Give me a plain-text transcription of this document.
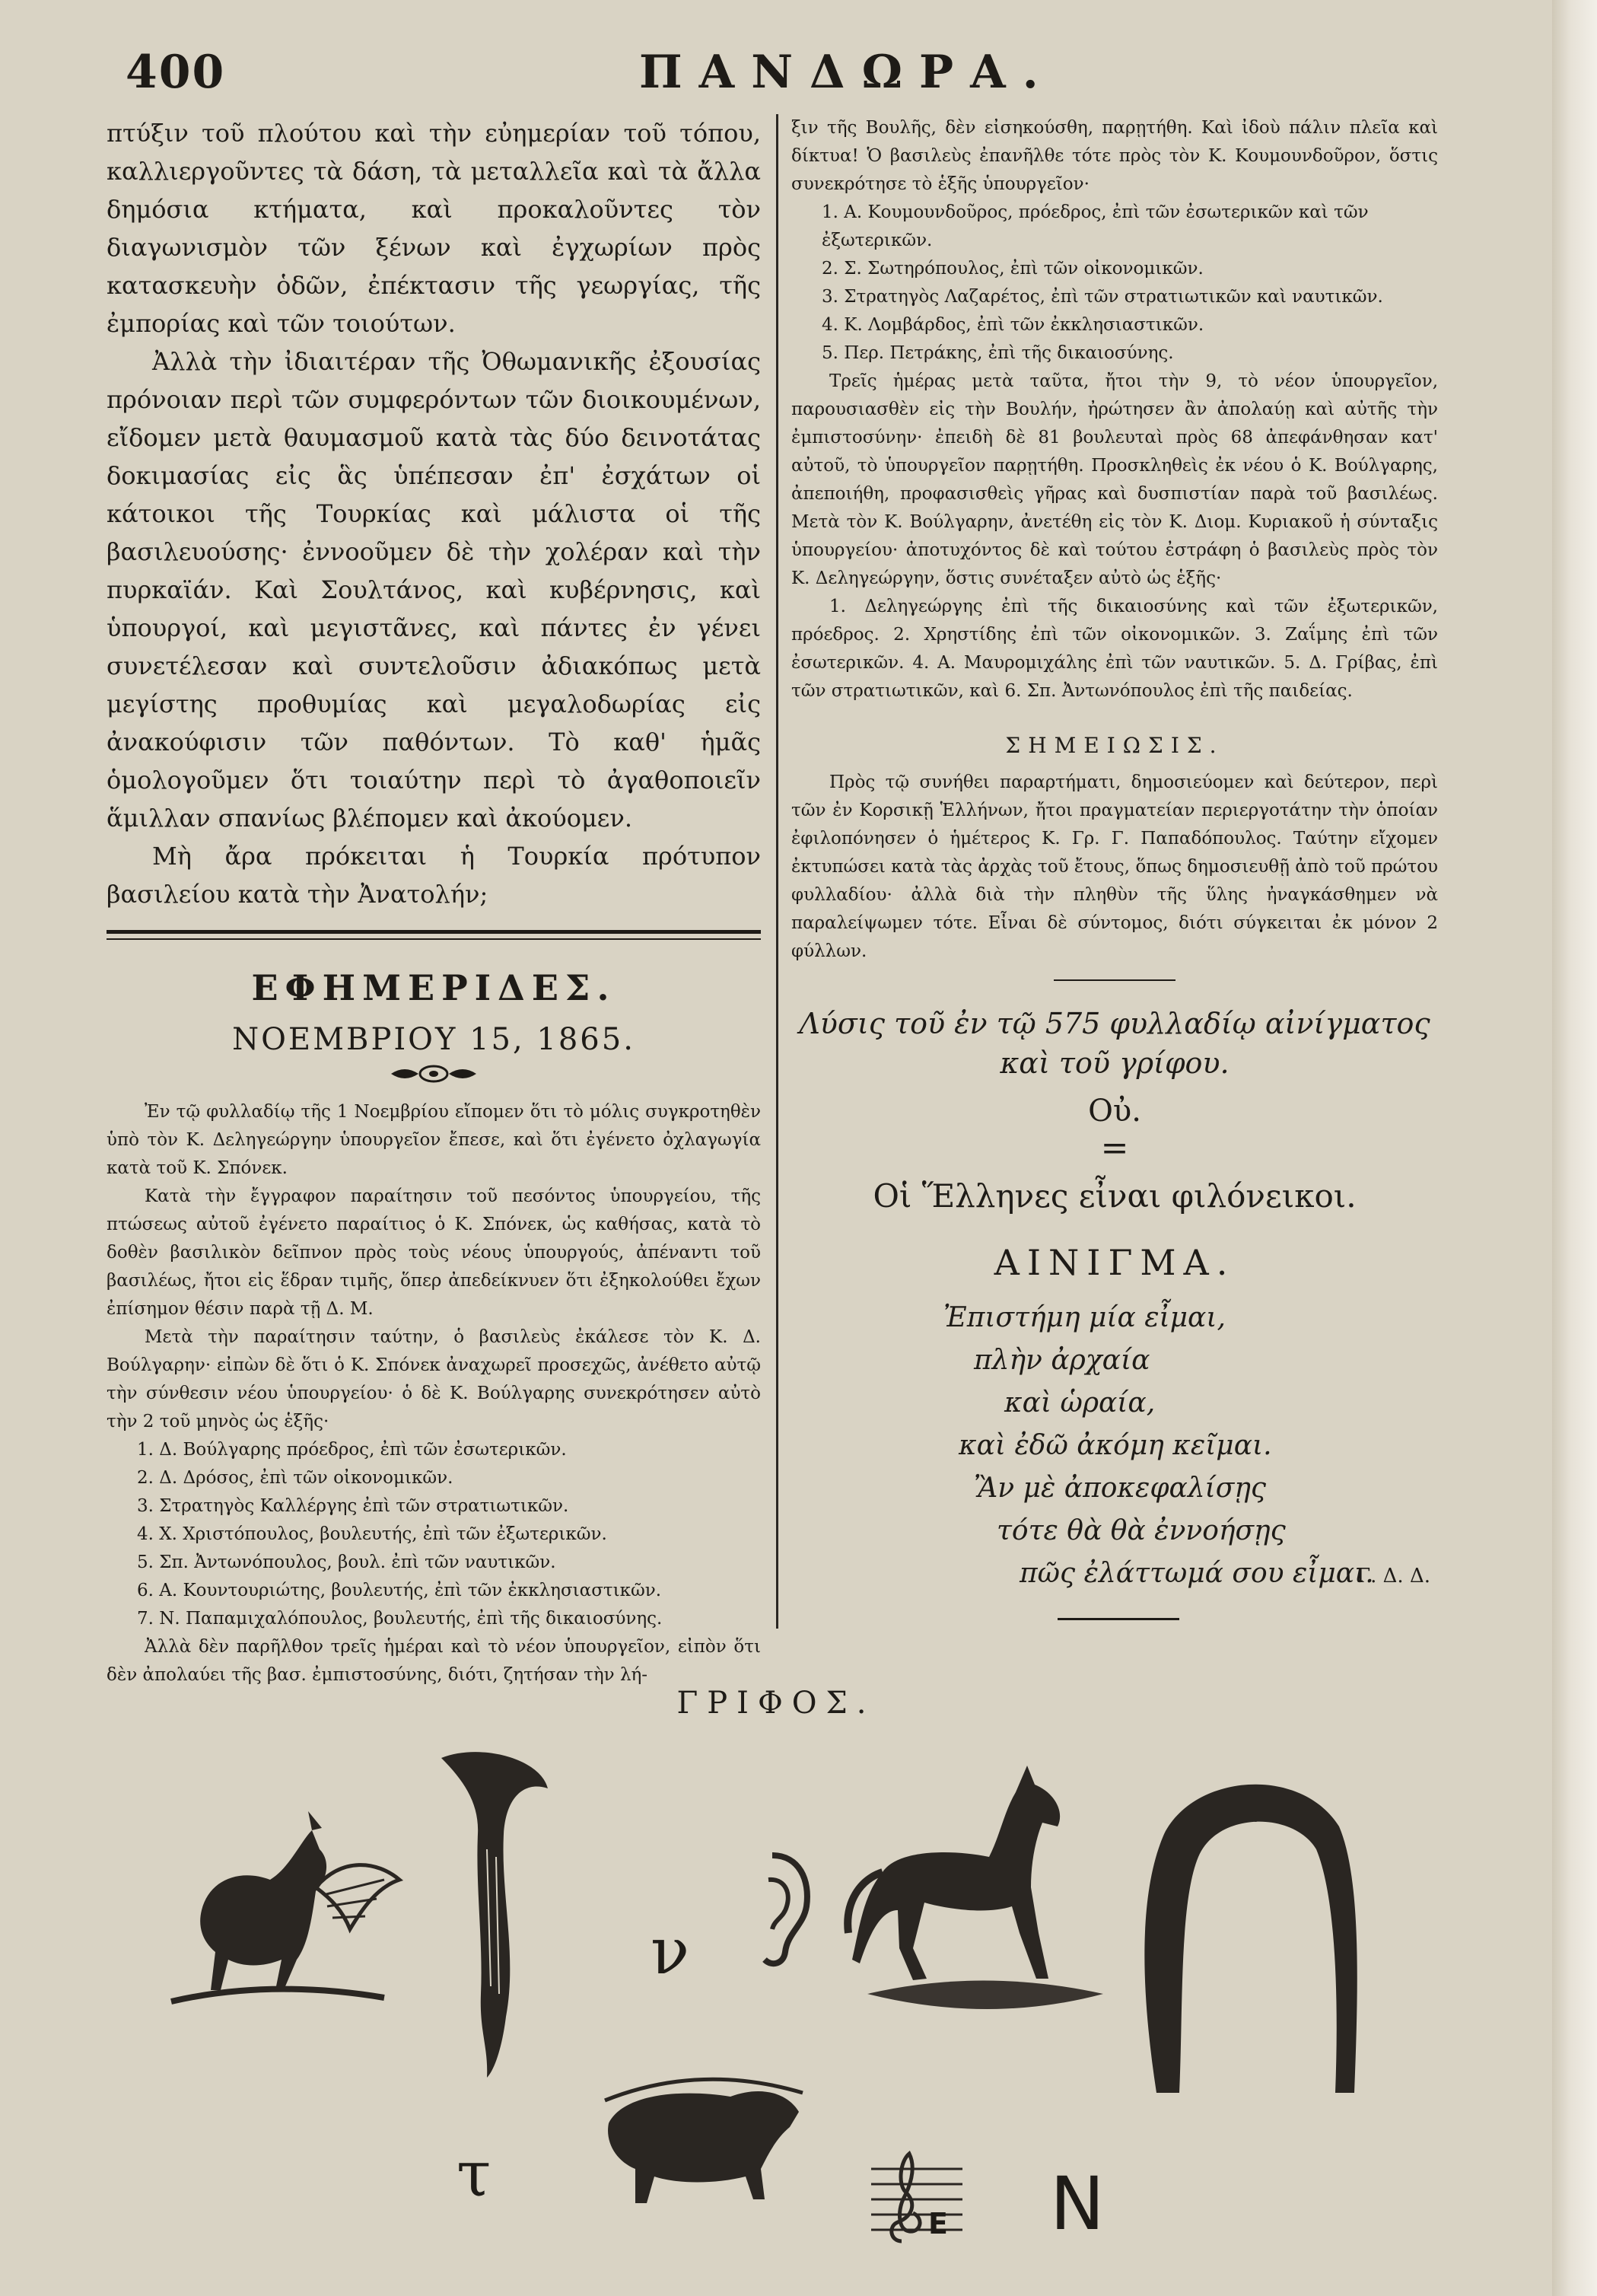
400	ΠΑΝΔΩΡΑ.

πτύξιν τοῦ πλούτου καὶ τὴν εὐημερίαν τοῦ τόπου, καλλιεργοῦντες τὰ δάση, τὰ μεταλλεῖα καὶ τὰ ἄλλα δημόσια κτήματα, καὶ προκαλοῦντες τὸν διαγωνισμὸν τῶν ξένων καὶ ἐγχωρίων πρὸς κατασκευὴν ὁδῶν, ἐπέκτασιν τῆς γεωργίας, τῆς ἐμπορίας καὶ τῶν τοιούτων.

Ἀλλὰ τὴν ἰδιαιτέραν τῆς Ὀθωμανικῆς ἐξουσίας πρόνοιαν περὶ τῶν συμφερόντων τῶν διοικουμένων, εἴδομεν μετὰ θαυμασμοῦ κατὰ τὰς δύο δεινοτάτας δοκιμασίας εἰς ἃς ὑπέπεσαν ἐπ' ἐσχάτων οἱ κάτοικοι τῆς Τουρκίας καὶ μάλιστα οἱ τῆς βασιλευούσης· ἐννοοῦμεν δὲ τὴν χολέραν καὶ τὴν πυρκαϊάν. Καὶ Σουλτάνος, καὶ κυβέρνησις, καὶ ὑπουργοί, καὶ μεγιστᾶνες, καὶ πάντες ἐν γένει συνετέλεσαν καὶ συντελοῦσιν ἀδιακόπως μετὰ μεγίστης προθυμίας καὶ μεγαλοδωρίας εἰς ἀνακούφισιν τῶν παθόντων. Τὸ καθ' ἡμᾶς ὁμολογοῦμεν ὅτι τοιαύτην περὶ τὸ ἀγαθοποιεῖν ἅμιλλαν σπανίως βλέπομεν καὶ ἀκούομεν.

Μὴ ἄρα πρόκειται ἡ Τουρκία πρότυπον βασιλείου κατὰ τὴν Ἀνατολήν;

ΕΦΗΜΕΡΙΔΕΣ.
ΝΟΕΜΒΡΙΟΥ 15, 1865.

Ἐν τῷ φυλλαδίῳ τῆς 1 Νοεμβρίου εἴπομεν ὅτι τὸ μόλις συγκροτηθὲν ὑπὸ τὸν Κ. Δεληγεώργην ὑπουργεῖον ἔπεσε, καὶ ὅτι ἐγένετο ὀχλαγωγία κατὰ τοῦ Κ. Σπόνεκ.

Κατὰ τὴν ἔγγραφον παραίτησιν τοῦ πεσόντος ὑπουργείου, τῆς πτώσεως αὐτοῦ ἐγένετο παραίτιος ὁ Κ. Σπόνεκ, ὡς καθήσας, κατὰ τὸ δοθὲν βασιλικὸν δεῖπνον πρὸς τοὺς νέους ὑπουργούς, ἀπέναντι τοῦ βασιλέως, ἤτοι εἰς ἕδραν τιμῆς, ὅπερ ἀπεδείκνυεν ὅτι ἐξηκολούθει ἔχων ἐπίσημον θέσιν παρὰ τῇ Δ. Μ.

Μετὰ τὴν παραίτησιν ταύτην, ὁ βασιλεὺς ἐκάλεσε τὸν Κ. Δ. Βούλγαρην· εἰπὼν δὲ ὅτι ὁ Κ. Σπόνεκ ἀναχωρεῖ προσεχῶς, ἀνέθετο αὐτῷ τὴν σύνθεσιν νέου ὑπουργείου· ὁ δὲ Κ. Βούλγαρης συνεκρότησεν αὐτὸ τὴν 2 τοῦ μηνὸς ὡς ἑξῆς·

1. Δ. Βούλγαρης πρόεδρος, ἐπὶ τῶν ἐσωτερικῶν.
2. Δ. Δρόσος, ἐπὶ τῶν οἰκονομικῶν.
3. Στρατηγὸς Καλλέργης ἐπὶ τῶν στρατιωτικῶν.
4. Χ. Χριστόπουλος, βουλευτής, ἐπὶ τῶν ἐξωτερικῶν.
5. Σπ. Ἀντωνόπουλος, βουλ. ἐπὶ τῶν ναυτικῶν.
6. Α. Κουντουριώτης, βουλευτής, ἐπὶ τῶν ἐκκλησιαστικῶν.
7. Ν. Παπαμιχαλόπουλος, βουλευτής, ἐπὶ τῆς δικαιοσύνης.

Ἀλλὰ δὲν παρῆλθον τρεῖς ἡμέραι καὶ τὸ νέον ὑπουργεῖον, εἰπὸν ὅτι δὲν ἀπολαύει τῆς βασ. ἐμπιστοσύνης, διότι, ζητήσαν τὴν λή-

ξιν τῆς Βουλῆς, δὲν εἰσηκούσθη, παρῃτήθη. Καὶ ἰδοὺ πάλιν πλεῖα καὶ δίκτυα! Ὁ βασιλεὺς ἐπανῆλθε τότε πρὸς τὸν Κ. Κουμουνδοῦρον, ὅστις συνεκρότησε τὸ ἑξῆς ὑπουργεῖον·

1. Α. Κουμουνδοῦρος, πρόεδρος, ἐπὶ τῶν ἐσωτερικῶν καὶ τῶν ἐξωτερικῶν.
2. Σ. Σωτηρόπουλος, ἐπὶ τῶν οἰκονομικῶν.
3. Στρατηγὸς Λαζαρέτος, ἐπὶ τῶν στρατιωτικῶν καὶ ναυτικῶν.
4. Κ. Λομβάρδος, ἐπὶ τῶν ἐκκλησιαστικῶν.
5. Περ. Πετράκης, ἐπὶ τῆς δικαιοσύνης.

Τρεῖς ἡμέρας μετὰ ταῦτα, ἤτοι τὴν 9, τὸ νέον ὑπουργεῖον, παρουσιασθὲν εἰς τὴν Βουλήν, ἠρώτησεν ἂν ἀπολαύῃ καὶ αὐτῆς τὴν ἐμπιστοσύνην· ἐπειδὴ δὲ 81 βουλευταὶ πρὸς 68 ἀπεφάνθησαν κατ' αὐτοῦ, τὸ ὑπουργεῖον παρῃτήθη. Προσκληθεὶς ἐκ νέου ὁ Κ. Βούλγαρης, ἀπεποιήθη, προφασισθεὶς γῆρας καὶ δυσπιστίαν παρὰ τοῦ βασιλέως. Μετὰ τὸν Κ. Βούλγαρην, ἀνετέθη εἰς τὸν Κ. Διομ. Κυριακοῦ ἡ σύνταξις ὑπουργείου· ἀποτυχόντος δὲ καὶ τούτου ἐστράφη ὁ βασιλεὺς πρὸς τὸν Κ. Δεληγεώργην, ὅστις συνέταξεν αὐτὸ ὡς ἑξῆς·

1. Δεληγεώργης ἐπὶ τῆς δικαιοσύνης καὶ τῶν ἐξωτερικῶν, πρόεδρος. 2. Χρηστίδης ἐπὶ τῶν οἰκονομικῶν. 3. Ζαΐμης ἐπὶ τῶν ἐσωτερικῶν. 4. Α. Μαυρομιχάλης ἐπὶ τῶν ναυτικῶν. 5. Δ. Γρίβας, ἐπὶ τῶν στρατιωτικῶν, καὶ 6. Σπ. Ἀντωνόπουλος ἐπὶ τῆς παιδείας.

ΣΗΜΕΙΩΣΙΣ.

Πρὸς τῷ συνήθει παραρτήματι, δημοσιεύομεν καὶ δεύτερον, περὶ τῶν ἐν Κορσικῇ Ἑλλήνων, ἤτοι πραγματείαν περιεργοτάτην τὴν ὁποίαν ἐφιλοπόνησεν ὁ ἡμέτερος Κ. Γρ. Γ. Παπαδόπουλος. Ταύτην εἴχομεν ἐκτυπώσει κατὰ τὰς ἀρχὰς τοῦ ἔτους, ὅπως δημοσιευθῇ ἀπὸ τοῦ πρώτου φυλλαδίου· ἀλλὰ διὰ τὴν πληθὺν τῆς ὕλης ἠναγκάσθημεν νὰ παραλείψωμεν τότε. Εἶναι δὲ σύντομος, διότι σύγκειται ἐκ μόνον 2 φύλλων.

Λύσις τοῦ ἐν τῷ 575 φυλλαδίῳ αἰνίγματος
καὶ τοῦ γρίφου.
Οὐ.
=
Οἱ Ἕλληνες εἶναι φιλόνεικοι.
ΑΙΝΙΓΜΑ.
Ἐπιστήμη μία εἶμαι,
πλὴν ἀρχαία
καὶ ὡραία,
καὶ ἐδῶ ἀκόμη κεῖμαι.
Ἂν μὲ ἀποκεφαλίσῃς
τότε θὰ θὰ ἐννοήσῃς
πῶς ἐλάττωμά σου εἶμαι.
Γ. Δ. Δ.
ΓΡΙΦΟΣ.
ν
τ
E N
